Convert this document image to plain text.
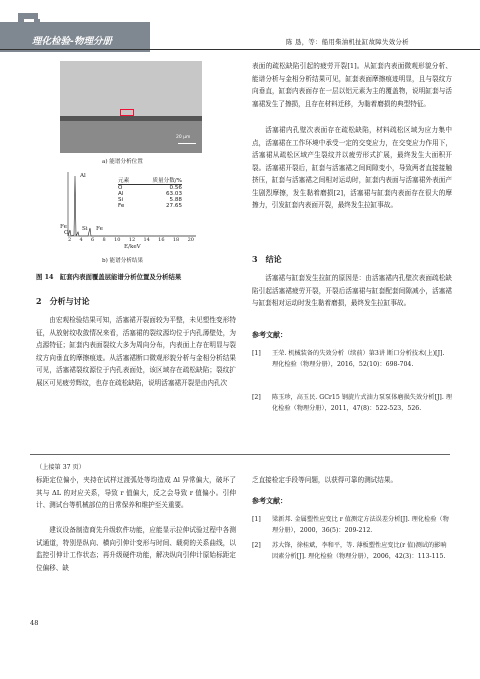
理化检验-物理分册	陈 恳，等：船用柴油机扯缸故障失效分析
20 μm
a) 能谱分析位置
Al
Fe
O
Si Fe
2 4 6 8 10 12 14 16 18 20
E/keV
b) 能谱分析结果
元素	质量分数/%
O	0.56
Al	63.03
Si	5.88
Fe	27.65
图 14　缸套内表面覆盖层能谱分析位置及分析结果
2　分析与讨论
由宏观检验结果可知，活塞裙开裂面较为平整，未见塑性变形特征，从放射纹收敛情况来看，活塞裙的裂纹源均位于内孔薄壁处，为点源特征；缸套内表面裂纹大多为周向分布，内表面上存在明显与裂纹方向垂直的摩擦痕迹。从活塞裙断口微观形貌分析与金相分析结果可见，活塞裙裂纹源位于内孔表面处，该区域存在疏松缺陷；裂纹扩展区可见疲劳辉纹，也存在疏松缺陷，说明活塞裙开裂是由内孔次
表面的疏松缺陷引起的疲劳开裂[1]。从缸套内表面微观形貌分析、能谱分析与金相分析结果可见，缸套表面摩擦痕迹明显，且与裂纹方向垂直，缸套内表面存在一层以铝元素为主的覆盖物，说明缸套与活塞裙发生了擦损，且存在材料迁移，为黏着磨损的典型特征。
活塞裙内孔壁次表面存在疏松缺陷，材料疏松区域为应力集中点，活塞裙在工作环境中承受一定的交变应力，在交变应力作用下，活塞裙从疏松区域产生裂纹并以疲劳形式扩展，最终发生大面积开裂。活塞裙开裂后，缸套与活塞裙之间间隙变小，导致两者直接接触挤压，缸套与活塞裙之间相对运动时，缸套内表面与活塞裙外表面产生剧烈摩擦，发生黏着磨损[2]，活塞裙与缸套内表面存在很大的摩擦力，引发缸套内表面开裂，最终发生拉缸事故。
3　结论
活塞裙与缸套发生拉缸的原因是：由活塞裙内孔壁次表面疏松缺陷引起活塞裙疲劳开裂，开裂后活塞裙与缸套配套间隙减小，活塞裙与缸套相对运动时发生黏着磨损，最终发生拉缸事故。
参考文献：
[1] 王荣. 机械装备的失效分析（续前）第3讲 断口分析技术(上)[J]. 理化检验（物理分册），2016，52(10)：698-704.
[2] 陈玉珍，高玉民. GCr15 钢旋片式油力泵泵体磨损失效分析[J]. 理化检验（物理分册），2011，47(8)：522-523，526.
（上接第 37 页）
标距定位偏小，夹持在试样过渡弧处等均造成 Δl 异常偏大，破坏了其与 ΔL 的对应关系，导致 r 值偏大，反之会导致 r 值偏小。引伸计、测试台等机械部位的日常保养和维护至关重要。
建议设备制造商先升级软件功能，应能显示拉伸试验过程中各测试通道，特别是纵向、横向引伸计变形与时间、载荷的关系曲线，以监控引伸计工作状态；再升级硬件功能，解决纵向引伸计原始标距定位偏移、缺
乏直接检定手段等问题，以获得可靠的测试结果。
参考文献：
[1] 梁新邦. 金属塑性应变比 r 值测定方法误差分析[J]. 理化检验（物理分册），2000，36(5)：209-212.
[2] 苏大锋，徐桂斌，李和平，等. 薄板塑性应变比(r 值)测试的影响因素分析[J]. 理化检验（物理分册），2006，42(3)：113-115.
48
